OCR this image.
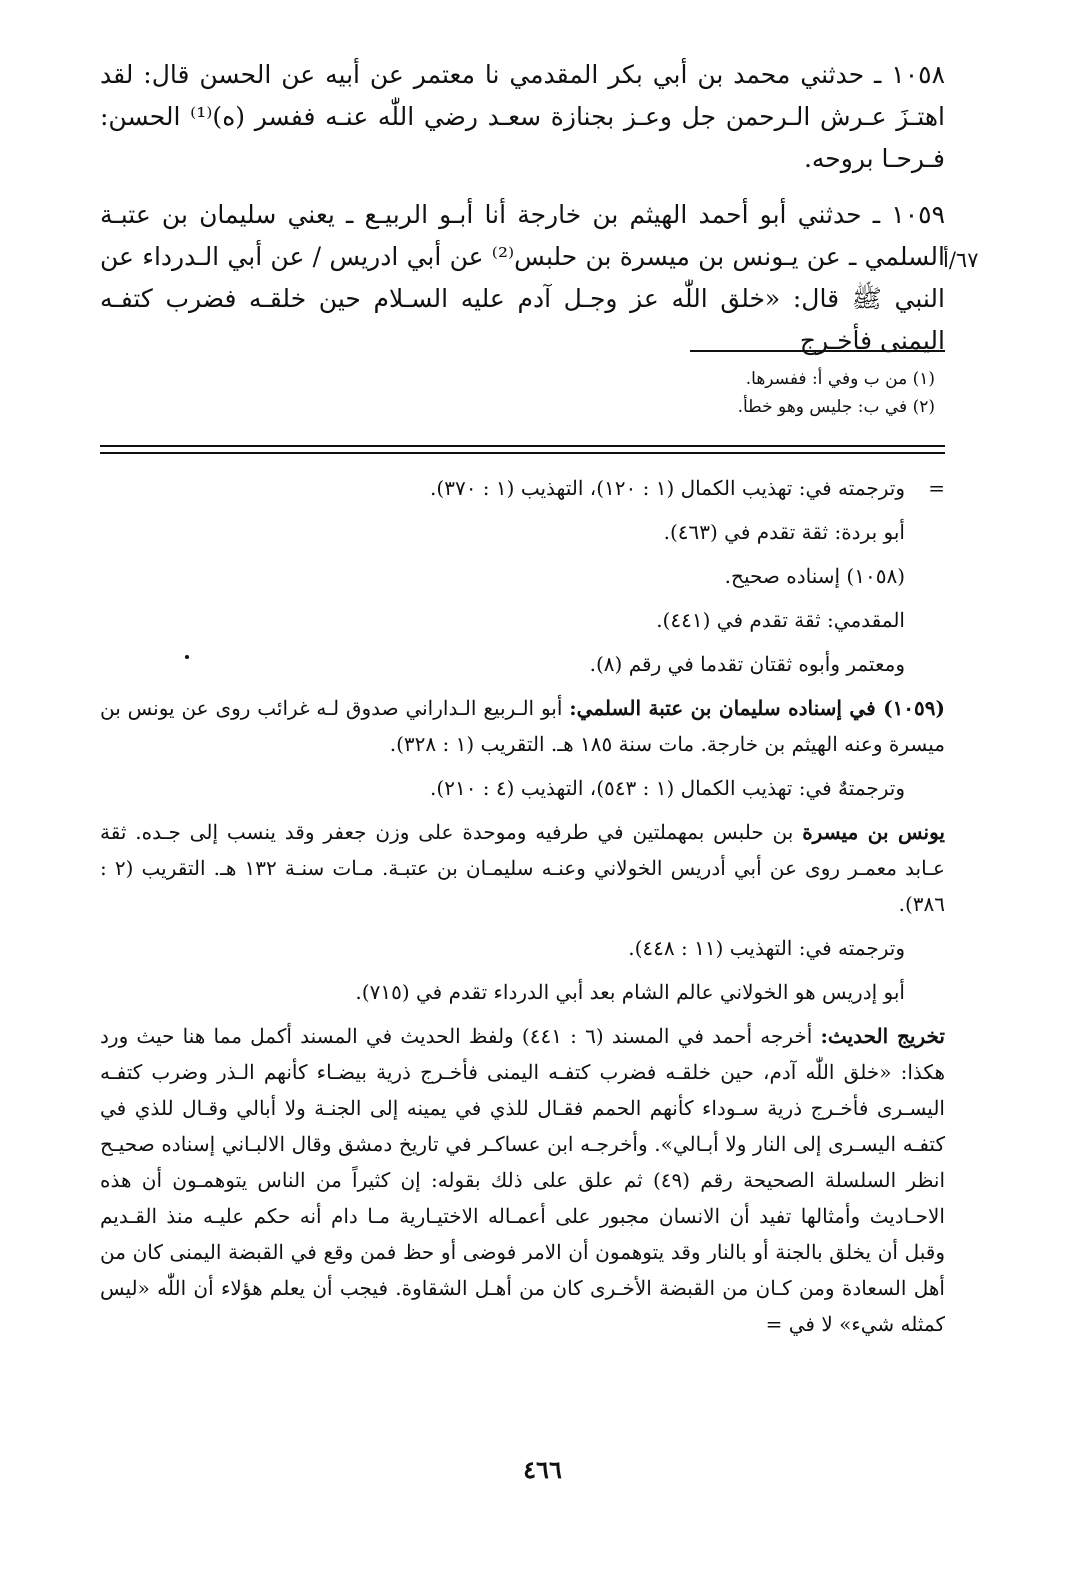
١٠٥٨ ـ حدثني محمد بن أبي بكر المقدمي نا معتمر عن أبيه عن الحسن قال: لقد اهتـزَ عـرش الـرحمن جل وعـز بجنازة سعـد رضي اللّٰه عنـه ففسر (ه)⁽¹⁾ الحسن: فـرحـا بروحه.

١٠٥٩ ـ حدثني أبو أحمد الهيثم بن خارجة أنا أبـو الربيـع ـ يعني سليمان بن عتبـة السلمي ـ عن يـونس بن ميسرة بن حلبس⁽²⁾ عن أبي ادريس / عن أبي الـدرداء عن النبي ﷺ قال: «خلق اللّٰه عز وجـل آدم عليه السـلام حين خلقـه فضرب كتفـه اليمنى فأخـرج

٦٧/أ
(١) من ب وفي أ: ففسرها.
(٢) في ب: جليس وهو خطأ.

=
وترجمته في: تهذيب الكمال (١ : ١٢٠)، التهذيب (١ : ٣٧٠).

أبو بردة: ثقة تقدم في (٤٦٣).

(١٠٥٨) إسناده صحيح.

المقدمي: ثقة تقدم في (٤٤١).

ومعتمر وأبوه ثقتان تقدما في رقم (٨).

(١٠٥٩) في إسناده سليمان بن عتبة السلمي: أبو الـربيع الـداراني صدوق لـه غرائب روى عن يونس بن ميسرة وعنه الهيثم بن خارجة. مات سنة ١٨٥ هـ. التقريب (١ : ٣٢٨).

وترجمتهٌ في: تهذيب الكمال (١ : ٥٤٣)، التهذيب (٤ : ٢١٠).

يونس بن ميسرة بن حلبس بمهملتين في طرفيه وموحدة على وزن جعفر وقد ينسب إلى جـده. ثقة عـابد معمـر روى عن أبي أدريس الخولاني وعنـه سليمـان بن عتبـة. مـات سنـة ١٣٢ هـ. التقريب (٢ : ٣٨٦).

وترجمته في: التهذيب (١١ : ٤٤٨).

أبو إدريس هو الخولاني عالم الشام بعد أبي الدرداء تقدم في (٧١٥).

تخريج الحديث: أخرجه أحمد في المسند (٦ : ٤٤١) ولفظ الحديث في المسند أكمل مما هنا حيث ورد هكذا: «خلق اللّٰه آدم، حين خلقـه فضرب كتفـه اليمنى فأخـرج ذرية بيضـاء كأنهم الـذر وضرب كتفـه اليسـرى فأخـرج ذرية سـوداء كأنهم الحمم فقـال للذي في يمينه إلى الجنـة ولا أبالي وقـال للذي في كتفـه اليسـرى إلى النار ولا أبـالي». وأخرجـه ابن عساكـر في تاريخ دمشق وقال الالبـاني إسناده صحيـح انظر السلسلة الصحيحة رقم (٤٩) ثم علق على ذلك بقوله: إن كثيراً من الناس يتوهمـون أن هذه الاحـاديث وأمثالها تفيد أن الانسان مجبور على أعمـاله الاختيـارية مـا دام أنه حكم عليـه منذ القـديم وقبل أن يخلق بالجنة أو بالنار وقد يتوهمون أن الامر فوضى أو حظ فمن وقع في القبضة اليمنى كان من أهل السعادة ومن كـان من القبضة الأخـرى كان من أهـل الشقاوة. فيجب أن يعلم هؤلاء أن اللّٰه «ليس كمثله شيء» لا في =

٤٦٦
